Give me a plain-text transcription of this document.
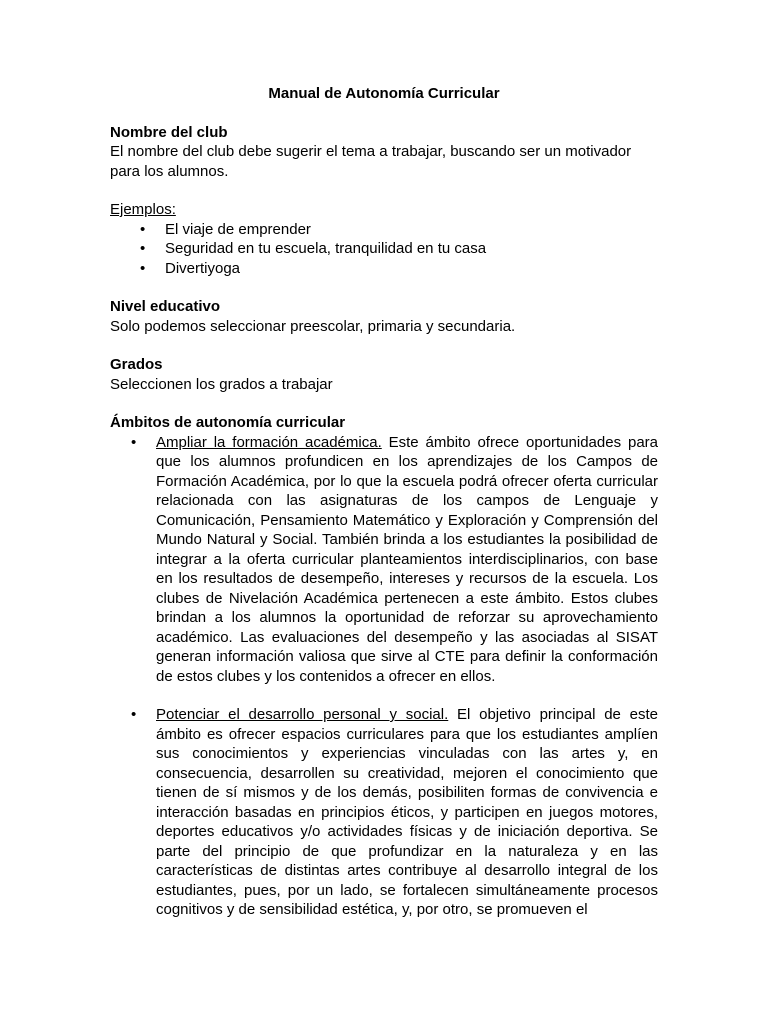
Manual de Autonomía Curricular
Nombre del club
El nombre del club debe sugerir el tema a trabajar, buscando ser un motivador para los alumnos.
Ejemplos:
• El viaje de emprender
• Seguridad en tu escuela, tranquilidad en tu casa
• Divertiyoga
Nivel educativo
Solo podemos seleccionar preescolar, primaria y secundaria.
Grados
Seleccionen los grados a trabajar
Ámbitos de autonomía curricular
• Ampliar la formación académica. Este ámbito ofrece oportunidades para que los alumnos profundicen en los aprendizajes de los Campos de Formación Académica, por lo que la escuela podrá ofrecer oferta curricular relacionada con las asignaturas de los campos de Lenguaje y Comunicación, Pensamiento Matemático y Exploración y Comprensión del Mundo Natural y Social. También brinda a los estudiantes la posibilidad de integrar a la oferta curricular planteamientos interdisciplinarios, con base en los resultados de desempeño, intereses y recursos de la escuela. Los clubes de Nivelación Académica pertenecen a este ámbito. Estos clubes brindan a los alumnos la oportunidad de reforzar su aprovechamiento académico. Las evaluaciones del desempeño y las asociadas al SISAT generan información valiosa que sirve al CTE para definir la conformación de estos clubes y los contenidos a ofrecer en ellos.
• Potenciar el desarrollo personal y social. El objetivo principal de este ámbito es ofrecer espacios curriculares para que los estudiantes amplíen sus conocimientos y experiencias vinculadas con las artes y, en consecuencia, desarrollen su creatividad, mejoren el conocimiento que tienen de sí mismos y de los demás, posibiliten formas de convivencia e interacción basadas en principios éticos, y participen en juegos motores, deportes educativos y/o actividades físicas y de iniciación deportiva. Se parte del principio de que profundizar en la naturaleza y en las características de distintas artes contribuye al desarrollo integral de los estudiantes, pues, por un lado, se fortalecen simultáneamente procesos cognitivos y de sensibilidad estética, y, por otro, se promueven el
